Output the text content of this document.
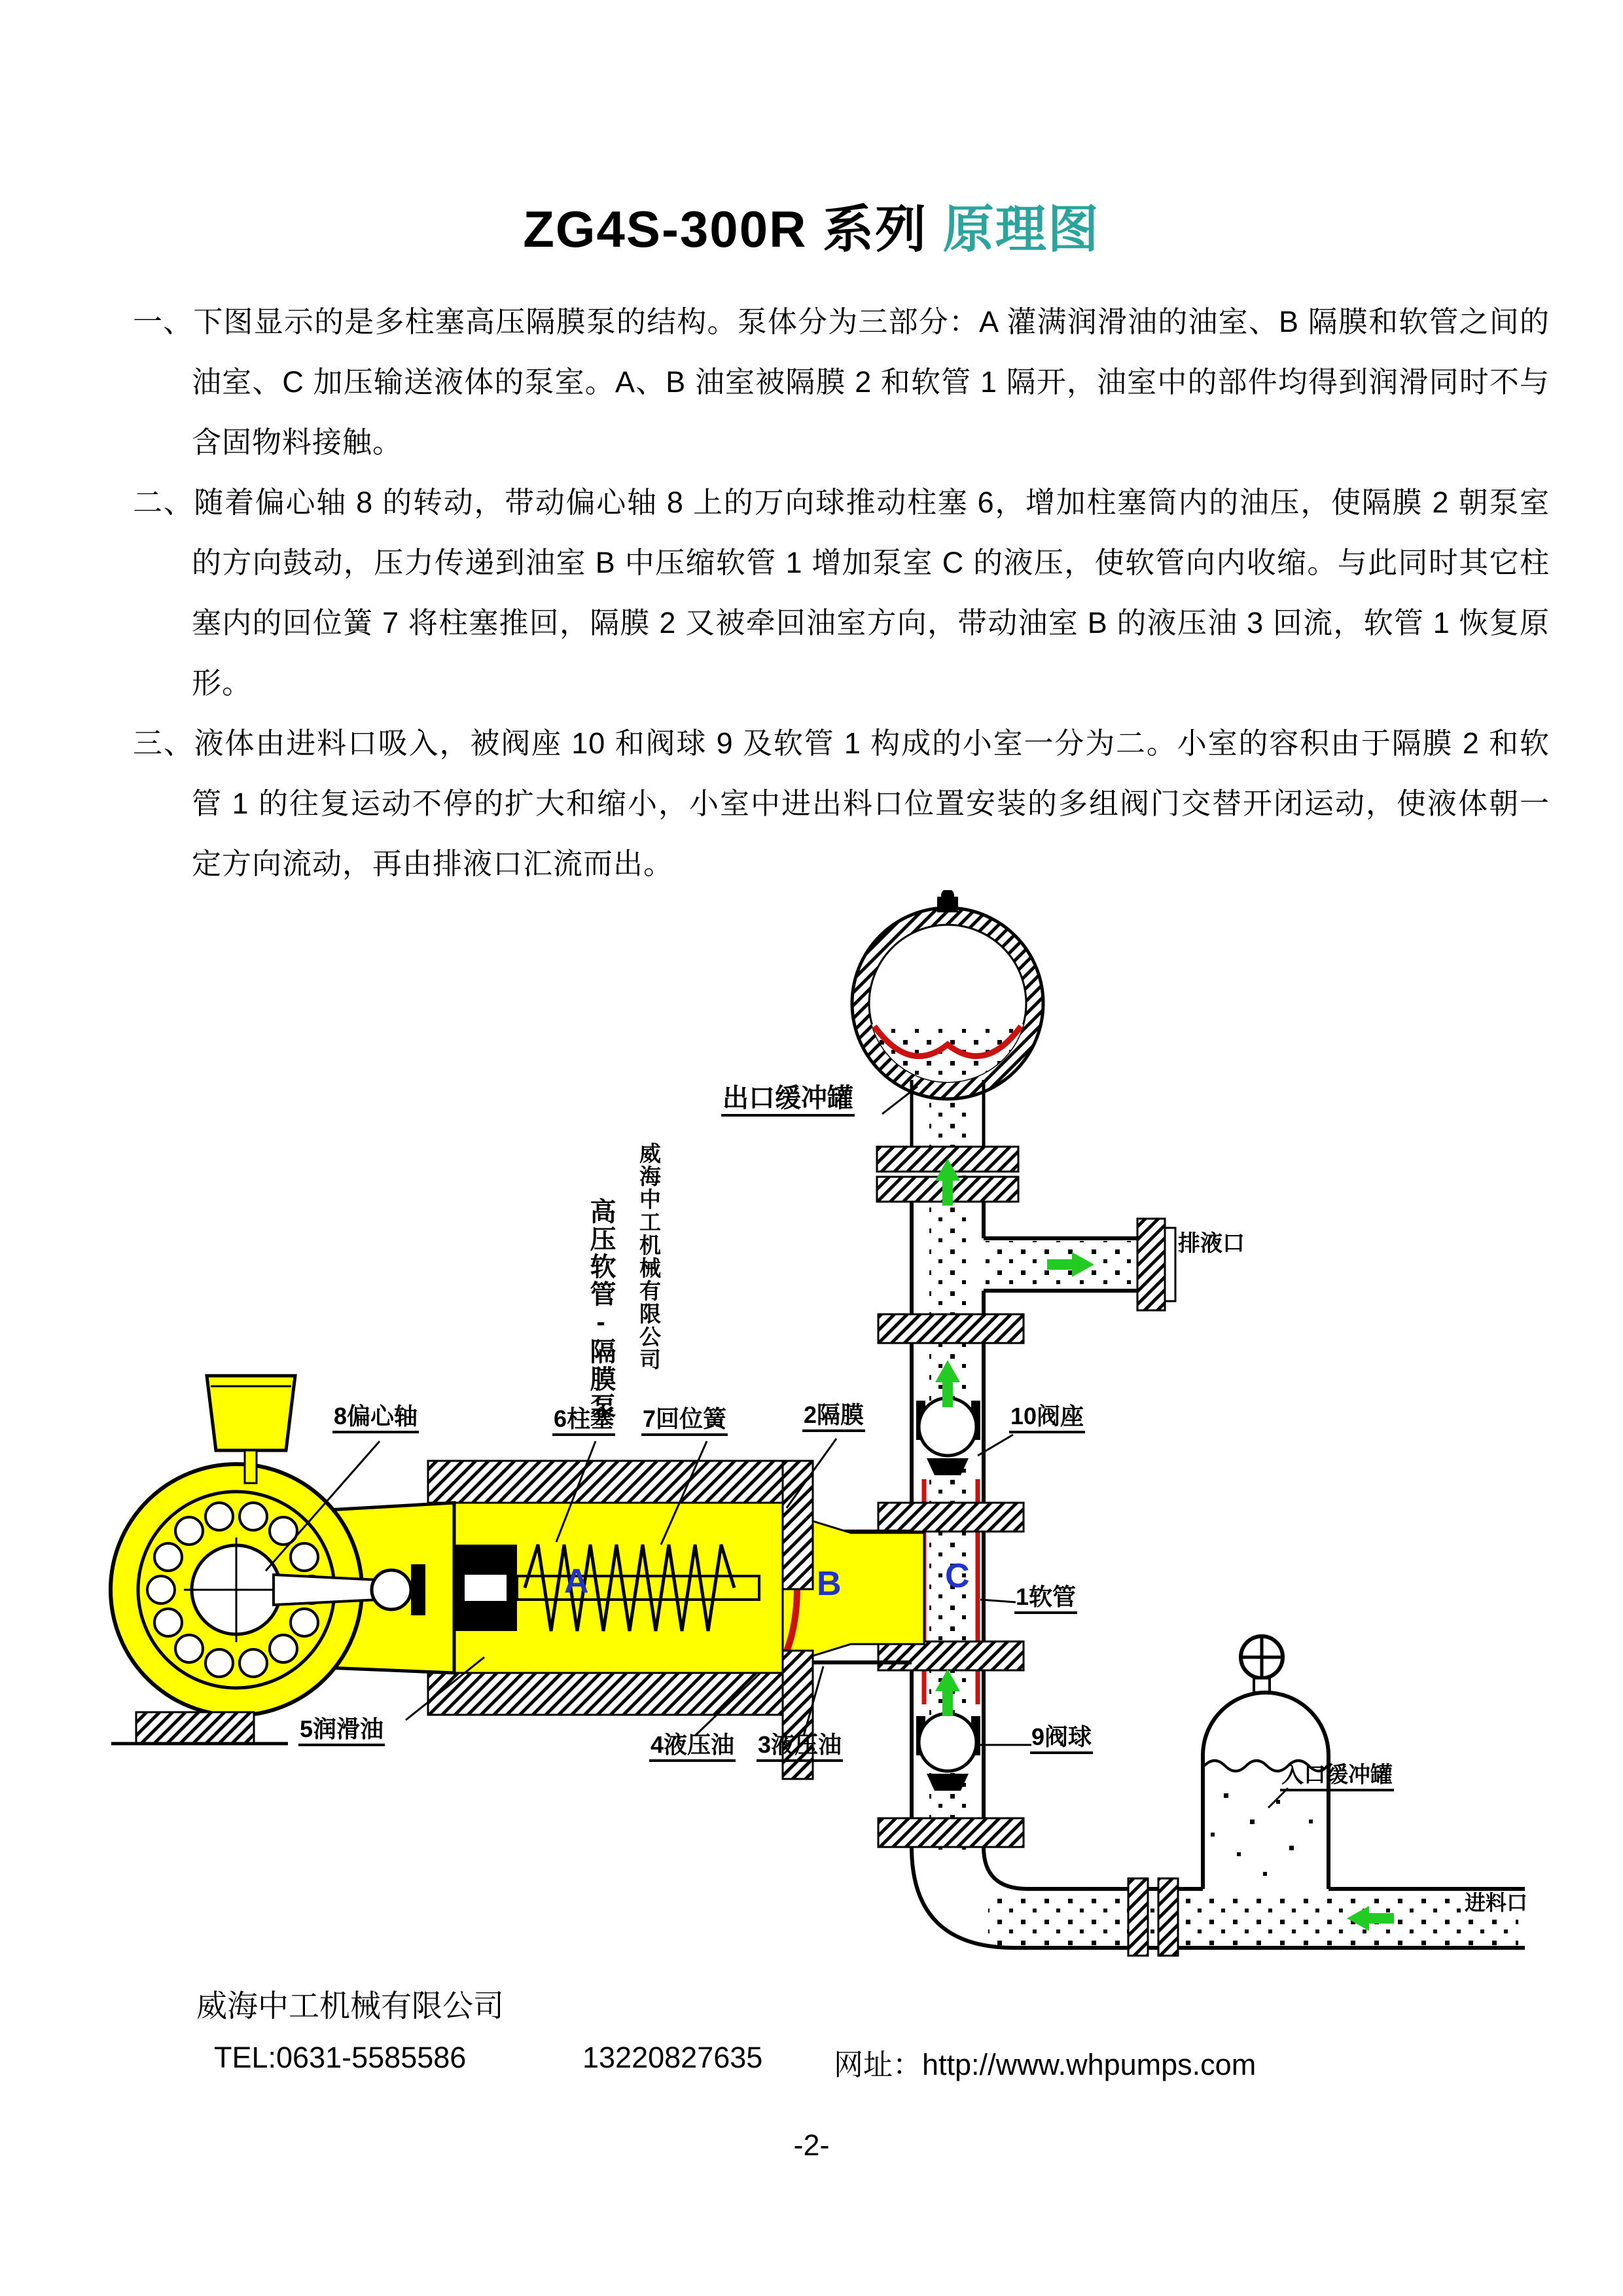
ZG4S-300R 系列 原理图

一、下图显示的是多柱塞高压隔膜泵的结构。泵体分为三部分：A 灌满润滑油的油室、B 隔膜和软管之间的油室、C 加压输送液体的泵室。A、B 油室被隔膜 2 和软管 1 隔开，油室中的部件均得到润滑同时不与含固物料接触。

二、随着偏心轴 8 的转动，带动偏心轴 8 上的万向球推动柱塞 6，增加柱塞筒内的油压，使隔膜 2 朝泵室的方向鼓动，压力传递到油室 B 中压缩软管 1 增加泵室 C 的液压，使软管向内收缩。与此同时其它柱塞内的回位簧 7 将柱塞推回，隔膜 2 又被牵回油室方向，带动油室 B 的液压油 3 回流，软管 1 恢复原形。

三、液体由进料口吸入，被阀座 10 和阀球 9 及软管 1 构成的小室一分为二。小室的容积由于隔膜 2 和软管 1 的往复运动不停的扩大和缩小，小室中进出料口位置安装的多组阀门交替开闭运动，使液体朝一定方向流动，再由排液口汇流而出。

出口缓冲罐
排液口
威海中工机械有限公司
高压软管-隔膜泵
8偏心轴	6柱塞 7回位簧	2隔膜	10阀座
1软管
9阀球
3液压油
4液压油
5润滑油
入口缓冲罐
进料口
A	B	C
威海中工机械有限公司
TEL:0631-5585586	13220827635 网址：http://www.whpumps.com
-2-
